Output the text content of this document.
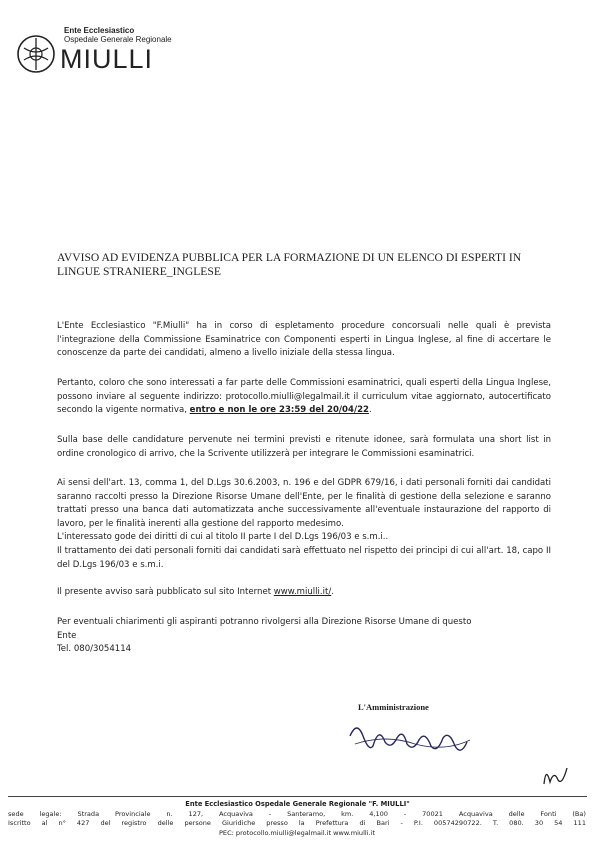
Ente Ecclesiastico
Ospedale Generale Regionale
MIULLI
AVVISO AD EVIDENZA PUBBLICA PER LA FORMAZIONE DI UN ELENCO DI ESPERTI IN LINGUE STRANIERE_INGLESE
L'Ente Ecclesiastico "F.Miulli" ha in corso di espletamento procedure concorsuali nelle quali è prevista l'integrazione della Commissione Esaminatrice con Componenti esperti in Lingua Inglese, al fine di accertare le conoscenze da parte dei candidati, almeno a livello iniziale della stessa lingua.
Pertanto, coloro che sono interessati a far parte delle Commissioni esaminatrici, quali esperti della Lingua Inglese, possono inviare al seguente indirizzo: protocollo.miulli@legalmail.it il curriculum vitae aggiornato, autocertificato secondo la vigente normativa, entro e non le ore 23:59 del 20/04/22.
Sulla base delle candidature pervenute nei termini previsti e ritenute idonee, sarà formulata una short list in ordine cronologico di arrivo, che la Scrivente utilizzerà per integrare le Commissioni esaminatrici.
Ai sensi dell'art. 13, comma 1, del D.Lgs 30.6.2003, n. 196 e del GDPR 679/16, i dati personali forniti dai candidati saranno raccolti presso la Direzione Risorse Umane dell'Ente, per le finalità di gestione della selezione e saranno trattati presso una banca dati automatizzata anche successivamente all'eventuale instaurazione del rapporto di lavoro, per le finalità inerenti alla gestione del rapporto medesimo.
L'interessato gode dei diritti di cui al titolo II parte I del D.Lgs 196/03 e s.m.i..
Il trattamento dei dati personali forniti dai candidati sarà effettuato nel rispetto dei principi di cui all'art. 18, capo II del D.Lgs 196/03 e s.m.i.
Il presente avviso sarà pubblicato sul sito Internet www.miulli.it/.
Per eventuali chiarimenti gli aspiranti potranno rivolgersi alla Direzione Risorse Umane di questo
Ente
Tel. 080/3054114
L'Amministrazione
Ente Ecclesiastico Ospedale Generale Regionale "F. MIULLI"
sede legale: Strada Provinciale n. 127, Acquaviva - Santeramo, km. 4,100 - 70021 Acquaviva delle Fonti (Ba)
Iscritto al n° 427 del registro delle persone Giuridiche presso la Prefettura di Bari - P.I. 00574290722. T. 080. 30 54 111
PEC: protocollo.miulli@legalmail.it www.miulli.it
